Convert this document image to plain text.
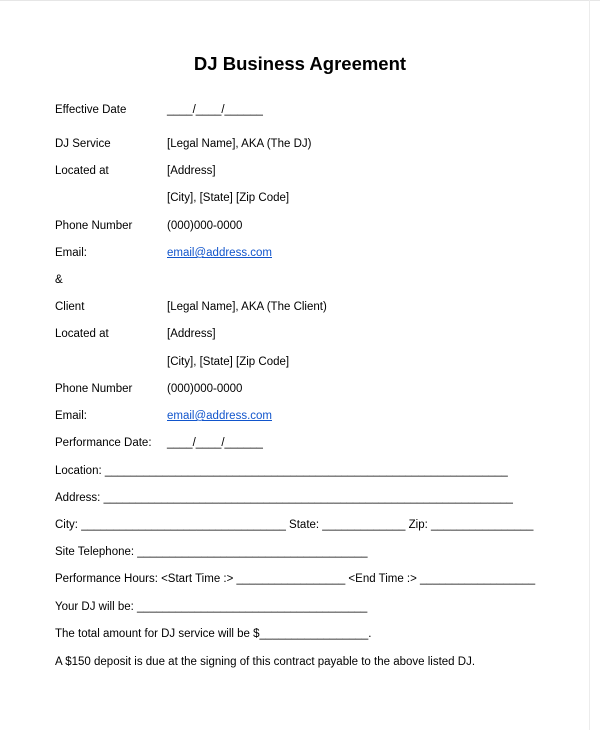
DJ Business Agreement
Effective Date	____/____/______
DJ Service	[Legal Name], AKA (The DJ)
Located at	[Address]
[City], [State] [Zip Code]
Phone Number	(000)000-0000
Email:	email@address.com
&
Client	[Legal Name], AKA (The Client)
Located at	[Address]
[City], [State] [Zip Code]
Phone Number	(000)000-0000
Email:	email@address.com
Performance Date: ____/____/______
Location: _______________________________________________________________
Address: ________________________________________________________________
City: ________________________________ State: _____________ Zip: ________________
Site Telephone: ____________________________________
Performance Hours: <Start Time :> _________________ <End Time :> __________________
Your DJ will be: ____________________________________
The total amount for DJ service will be $_________________.
A $150 deposit is due at the signing of this contract payable to the above listed DJ.
